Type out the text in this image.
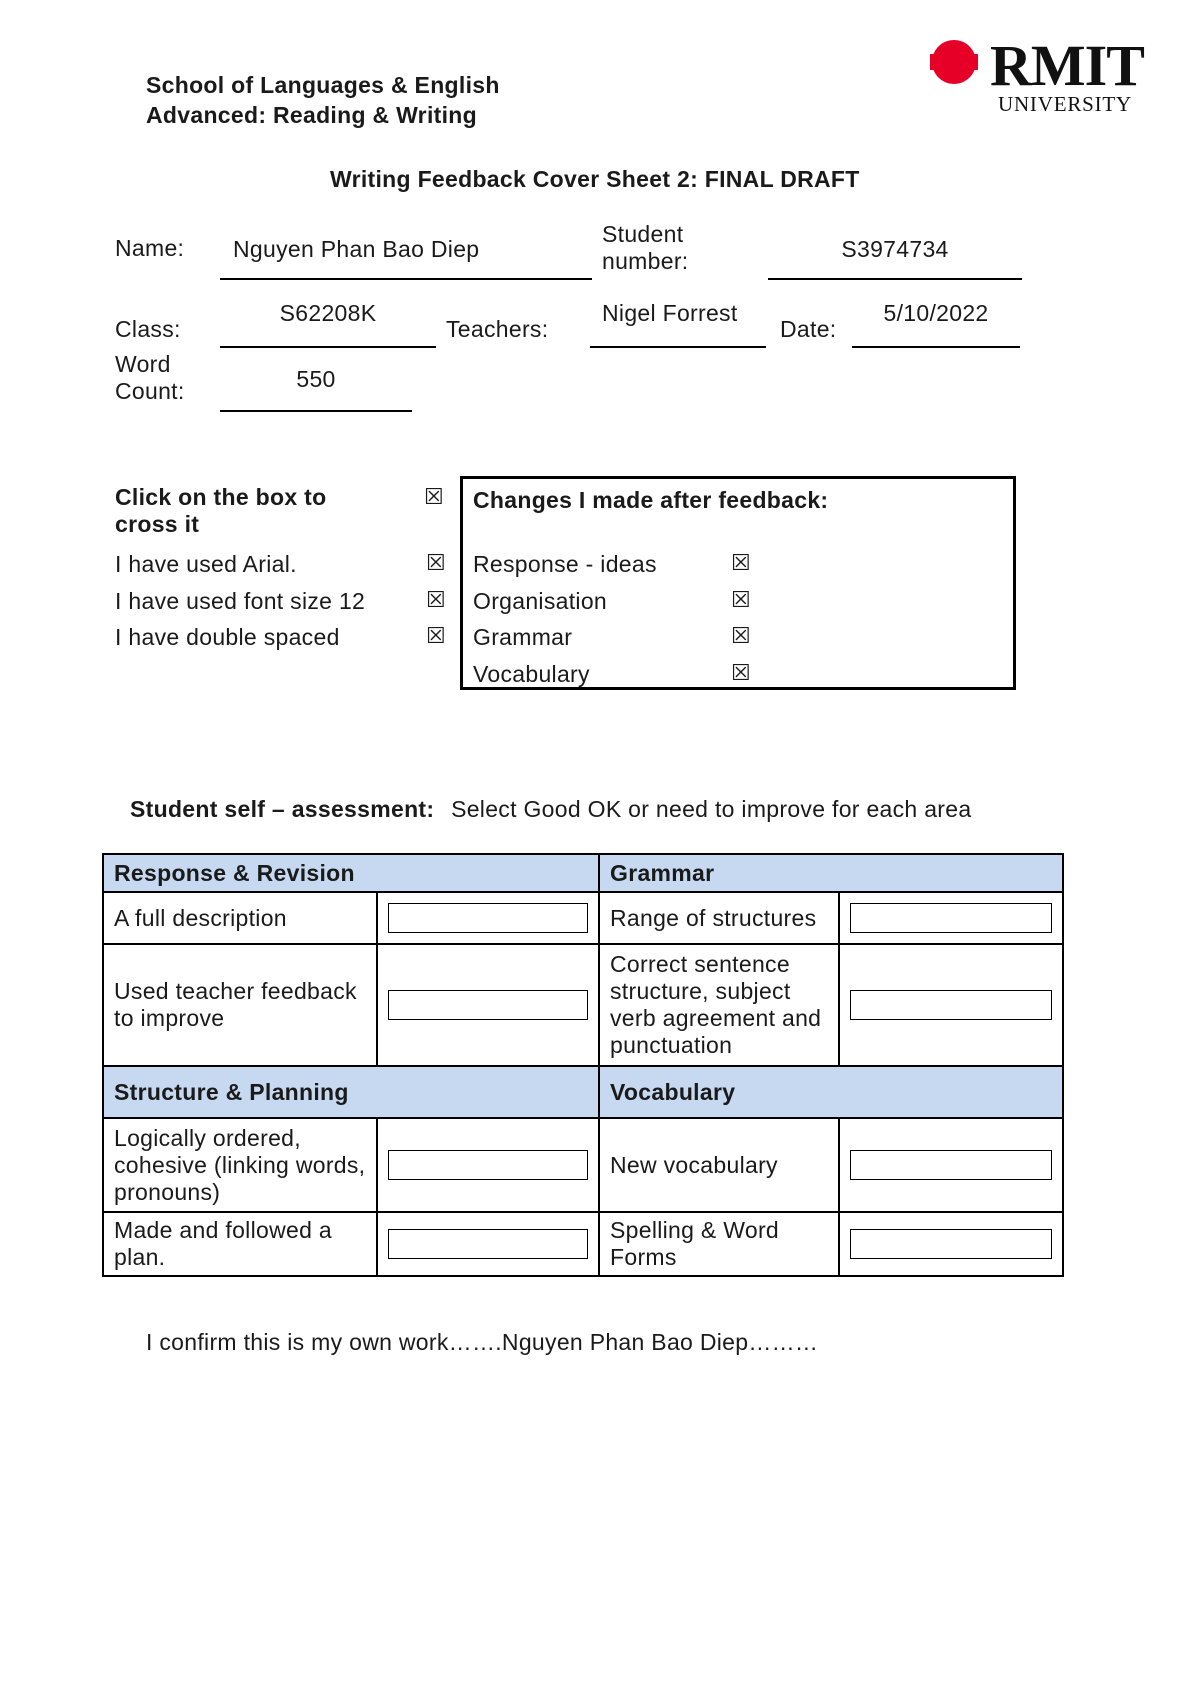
School of Languages & English
Advanced: Reading & Writing
RMIT
UNIVERSITY
Writing Feedback Cover Sheet 2: FINAL DRAFT
Name:	Nguyen Phan Bao Diep
Student number:	S3974734
Class:
S62208K
Teachers:
Nigel Forrest
Date:
5/10/2022
Word Count:	550
Click on the box to cross it
☒
I have used Arial.	☒
I have used font size 12	☒
I have double spaced	☒
Changes I made after feedback:
Response - ideas	☒
Organisation	☒
Grammar	☒
Vocabulary	☒
Student self – assessment: Select Good OK or need to improve for each area
Response & Revision		Grammar	
A full description		Range of structures	

Used teacher feedback to improve		Correct sentence structure, subject verb agreement and punctuation	

Structure & Planning		Vocabulary	
Logically ordered, cohesive (linking words, pronouns)		New vocabulary	

Made and followed a plan.		Spelling & Word Forms	
I confirm this is my own work…….Nguyen Phan Bao Diep………
